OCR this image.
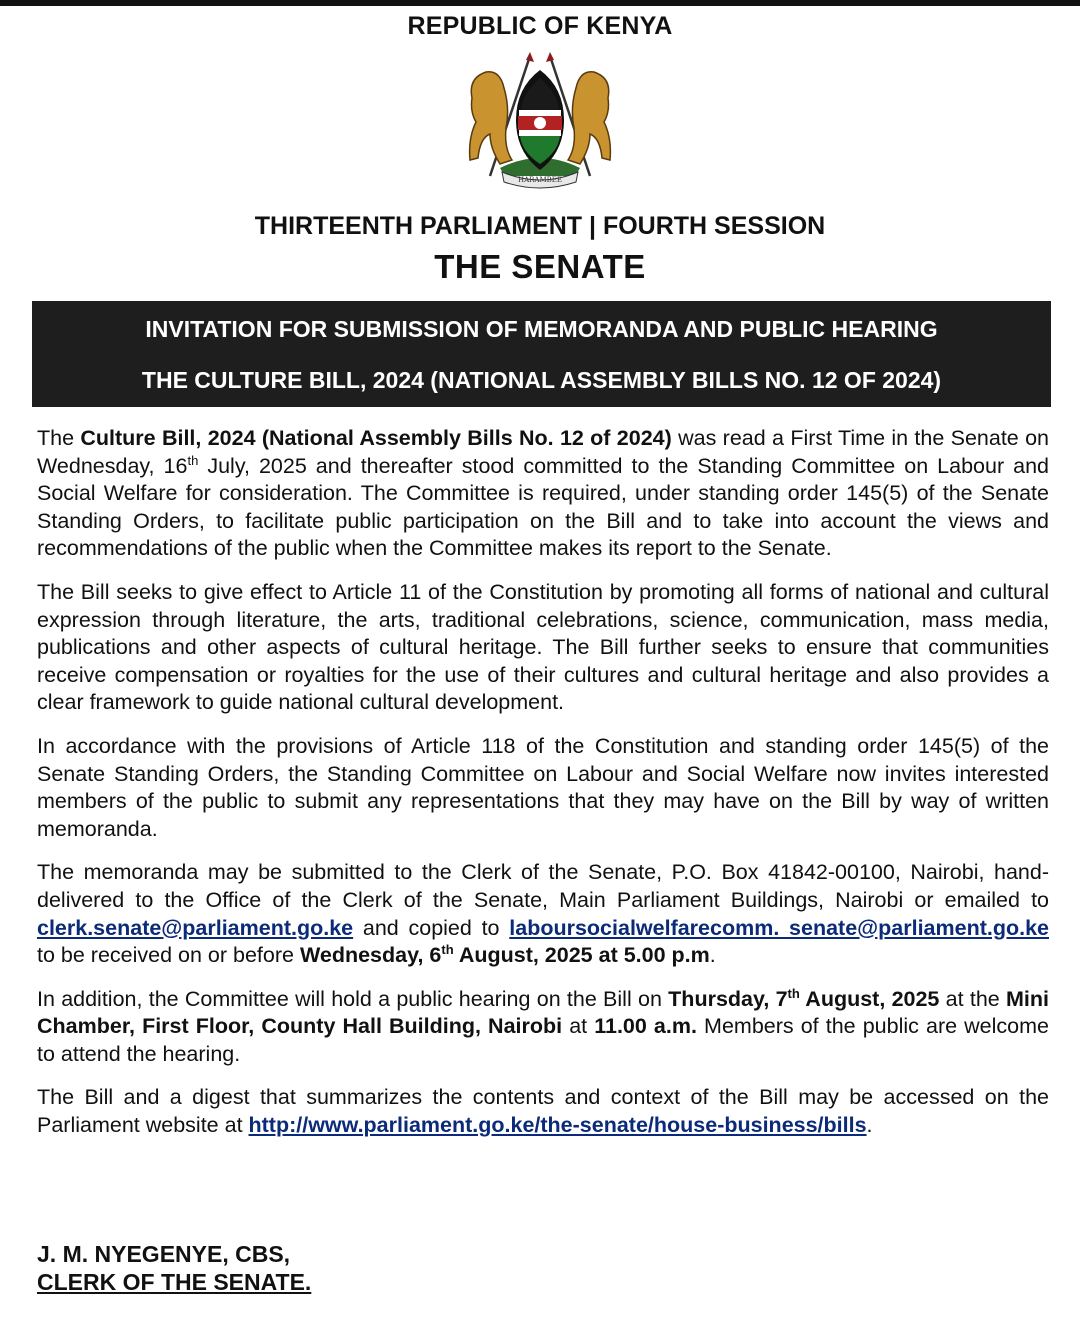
REPUBLIC OF KENYA
HARAMBEE
THIRTEENTH PARLIAMENT | FOURTH SESSION
THE SENATE
INVITATION FOR SUBMISSION OF MEMORANDA AND PUBLIC HEARING
THE CULTURE BILL, 2024 (NATIONAL ASSEMBLY BILLS NO. 12 OF 2024)

The Culture Bill, 2024 (National Assembly Bills No. 12 of 2024) was read a First Time in the Senate on Wednesday, 16th July, 2025 and thereafter stood committed to the Standing Committee on Labour and Social Welfare for consideration. The Committee is required, under standing order 145(5) of the Senate Standing Orders, to facilitate public participation on the Bill and to take into account the views and recommendations of the public when the Committee makes its report to the Senate.

The Bill seeks to give effect to Article 11 of the Constitution by promoting all forms of national and cultural expression through literature, the arts, traditional celebrations, science, communication, mass media, publications and other aspects of cultural heritage. The Bill further seeks to ensure that communities receive compensation or royalties for the use of their cultures and cultural heritage and also provides a clear framework to guide national cultural development.

In accordance with the provisions of Article 118 of the Constitution and standing order 145(5) of the Senate Standing Orders, the Standing Committee on Labour and Social Welfare now invites interested members of the public to submit any representations that they may have on the Bill by way of written memoranda.

The memoranda may be submitted to the Clerk of the Senate, P.O. Box 41842-00100, Nairobi, hand-delivered to the Office of the Clerk of the Senate, Main Parliament Buildings, Nairobi or emailed to clerk.senate@parliament.go.ke and copied to laboursocialwelfarecomm. senate@parliament.go.ke to be received on or before Wednesday, 6th August, 2025 at 5.00 p.m.

In addition, the Committee will hold a public hearing on the Bill on Thursday, 7th August, 2025 at the Mini Chamber, First Floor, County Hall Building, Nairobi at 11.00 a.m. Members of the public are welcome to attend the hearing.

The Bill and a digest that summarizes the contents and context of the Bill may be accessed on the Parliament website at http://www.parliament.go.ke/the-senate/house-business/bills.

J. M. NYEGENYE, CBS,
CLERK OF THE SENATE.
